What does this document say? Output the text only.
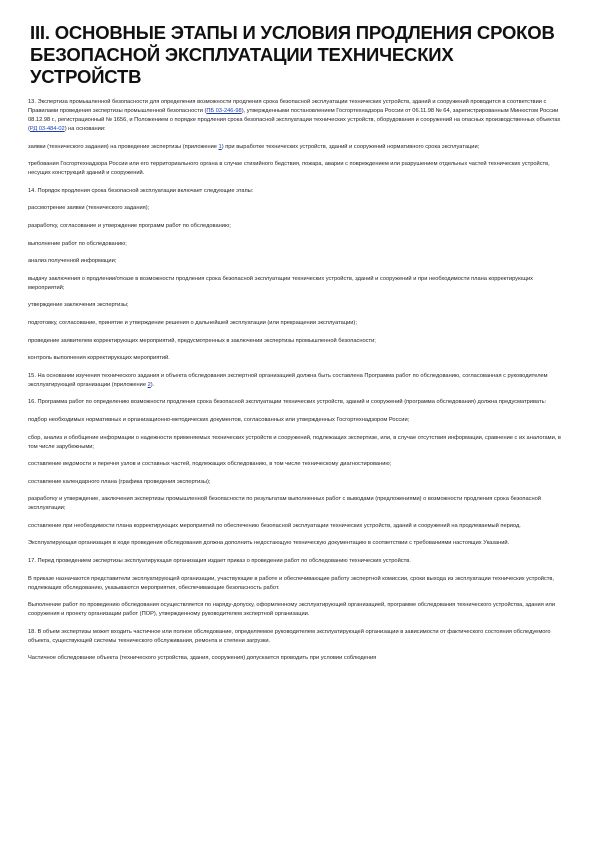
III. ОСНОВНЫЕ ЭТАПЫ И УСЛОВИЯ ПРОДЛЕНИЯ СРОКОВ
БЕЗОПАСНОЙ ЭКСПЛУАТАЦИИ ТЕХНИЧЕСКИХ УСТРОЙСТВ
13. Экспертиза промышленной безопасности для определения возможности продления срока безопасной эксплуатации технических устройств, зданий и сооружений проводится в соответствии с Правилами проведения экспертизы промышленной безопасности (ПБ 03-246-98), утвержденными постановлением Госгортехнадзора России от 06.11.98 № 64, зарегистрированным Минюстом России 08.12.98 г., регистрационный № 1656, и Положением о порядке продления срока безопасной эксплуатации технических устройств, оборудования и сооружений на опасных производственных объектах (РД 03-484-02) на основании:
заявки (технического задания) на проведение экспертизы (приложение 1) при выработке технических устройств, зданий и сооружений нормативного срока эксплуатации;
требования Госгортехнадзора России или его территориального органа в случае стихийного бедствия, пожара, аварии с повреждением или разрушением отдельных частей технических устройств, несущих конструкций зданий и сооружений.
14. Порядок продления срока безопасной эксплуатации включает следующие этапы:
рассмотрение заявки (технического задания);
разработку, согласование и утверждение программ работ по обследованию;
выполнение работ по обследованию;
анализ полученной информации;
выдачу заключения о продлении/отказе в возможности продления срока безопасной эксплуатации технических устройств, зданий и сооружений и при необходимости плана корректирующих мероприятий;
утверждение заключения экспертизы;
подготовку, согласование, принятие и утверждение решения о дальнейшей эксплуатации (или прекращении эксплуатации);
проведение заявителем корректирующих мероприятий, предусмотренных в заключении экспертизы промышленной безопасности;
контроль выполнения корректирующих мероприятий.
15. На основании изучения технического задания и объекта обследования экспертной организацией должна быть составлена Программа работ по обследованию, согласованная с руководителем эксплуатирующей организации (приложение 2).
16. Программа работ по определению возможности продления срока безопасной эксплуатации технических устройств, зданий и сооружений (программа обследования) должна предусматривать:
подбор необходимых нормативных и организационно-методических документов, согласованных или утвержденных Госгортехнадзором России;
сбор, анализ и обобщение информации о надежности применяемых технических устройств и сооружений, подлежащих экспертизе, или, в случае отсутствия информации, сравнение с их аналогами, в том числе зарубежными;
составление ведомости и перечня узлов и составных частей, подлежащих обследованию, в том числе техническому диагностированию;
составление календарного плана (графика проведения экспертизы);
разработку и утверждение, заключения экспертизы промышленной безопасности по результатам выполненных работ с выводами (предложениями) о возможности продления срока безопасной эксплуатации;
составление при необходимости плана корректирующих мероприятий по обеспечению безопасной эксплуатации технических устройств, зданий и сооружений на продлеваемый период.
Эксплуатирующая организация в ходе проведения обследования должна дополнить недостающую техническую документацию в соответствии с требованиями настоящих Указаний.
17. Перед проведением экспертизы эксплуатирующая организация издает приказ о проведении работ по обследованию технических устройств.
В приказе назначаются представители эксплуатирующей организации, участвующие в работе и обеспечивающие работу экспертной комиссии, сроки выхода из эксплуатации технических устройств, подлежащих обследованию, указываются мероприятия, обеспечивающие безопасность работ.
Выполнение работ по проведению обследования осуществляется по наряду-допуску, оформленному эксплуатирующей организацией, программе обследования технического устройства, здания или сооружения и проекту организации работ (ПОР), утвержденному руководителем экспертной организации.
18. В объем экспертизы может входить частичное или полное обследование, определяемое руководителем эксплуатирующей организации в зависимости от фактического состояния обследуемого объекта, существующей системы технического обслуживания, ремонта и степени загрузки.
Частичное обследование объекта (технического устройства, здания, сооружения) допускается проводить при условии соблюдения
